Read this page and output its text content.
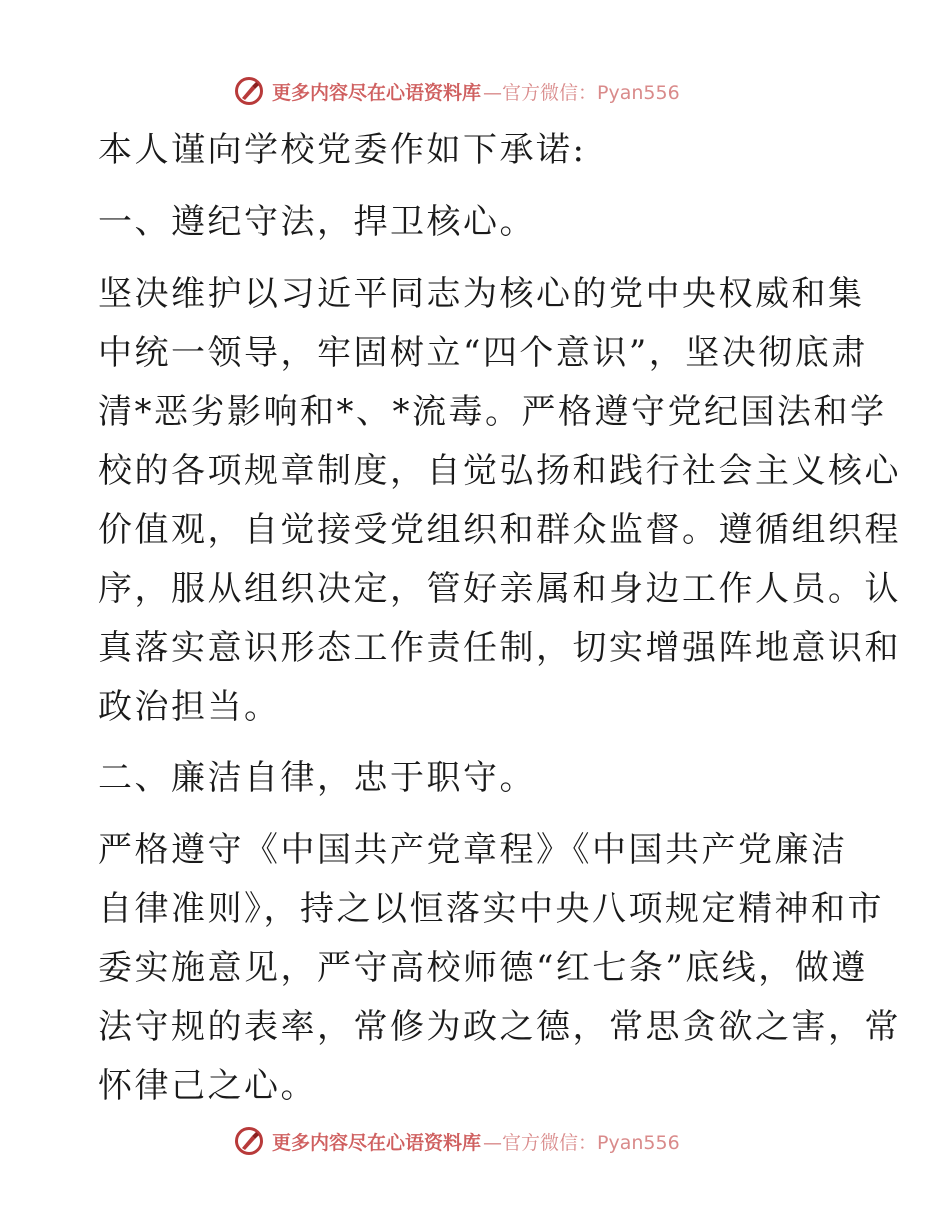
更多内容尽在心语资料库 —官方微信：Pyan556
本人谨向学校党委作如下承诺:
一、遵纪守法，捍卫核心。
坚决维护以习近平同志为核心的党中央权威和集
中统一领导，牢固树立“四个意识”，坚决彻底肃
清*恶劣影响和*、*流毒。严格遵守党纪国法和学
校的各项规章制度，自觉弘扬和践行社会主义核心
价值观，自觉接受党组织和群众监督。遵循组织程
序，服从组织决定，管好亲属和身边工作人员。认
真落实意识形态工作责任制，切实增强阵地意识和
政治担当。
二、廉洁自律，忠于职守。
严格遵守《中国共产党章程》《中国共产党廉洁
自律准则》，持之以恒落实中央八项规定精神和市
委实施意见，严守高校师德“红七条”底线，做遵
法守规的表率，常修为政之德，常思贪欲之害，常
怀律己之心。
更多内容尽在心语资料库 —官方微信：Pyan556
